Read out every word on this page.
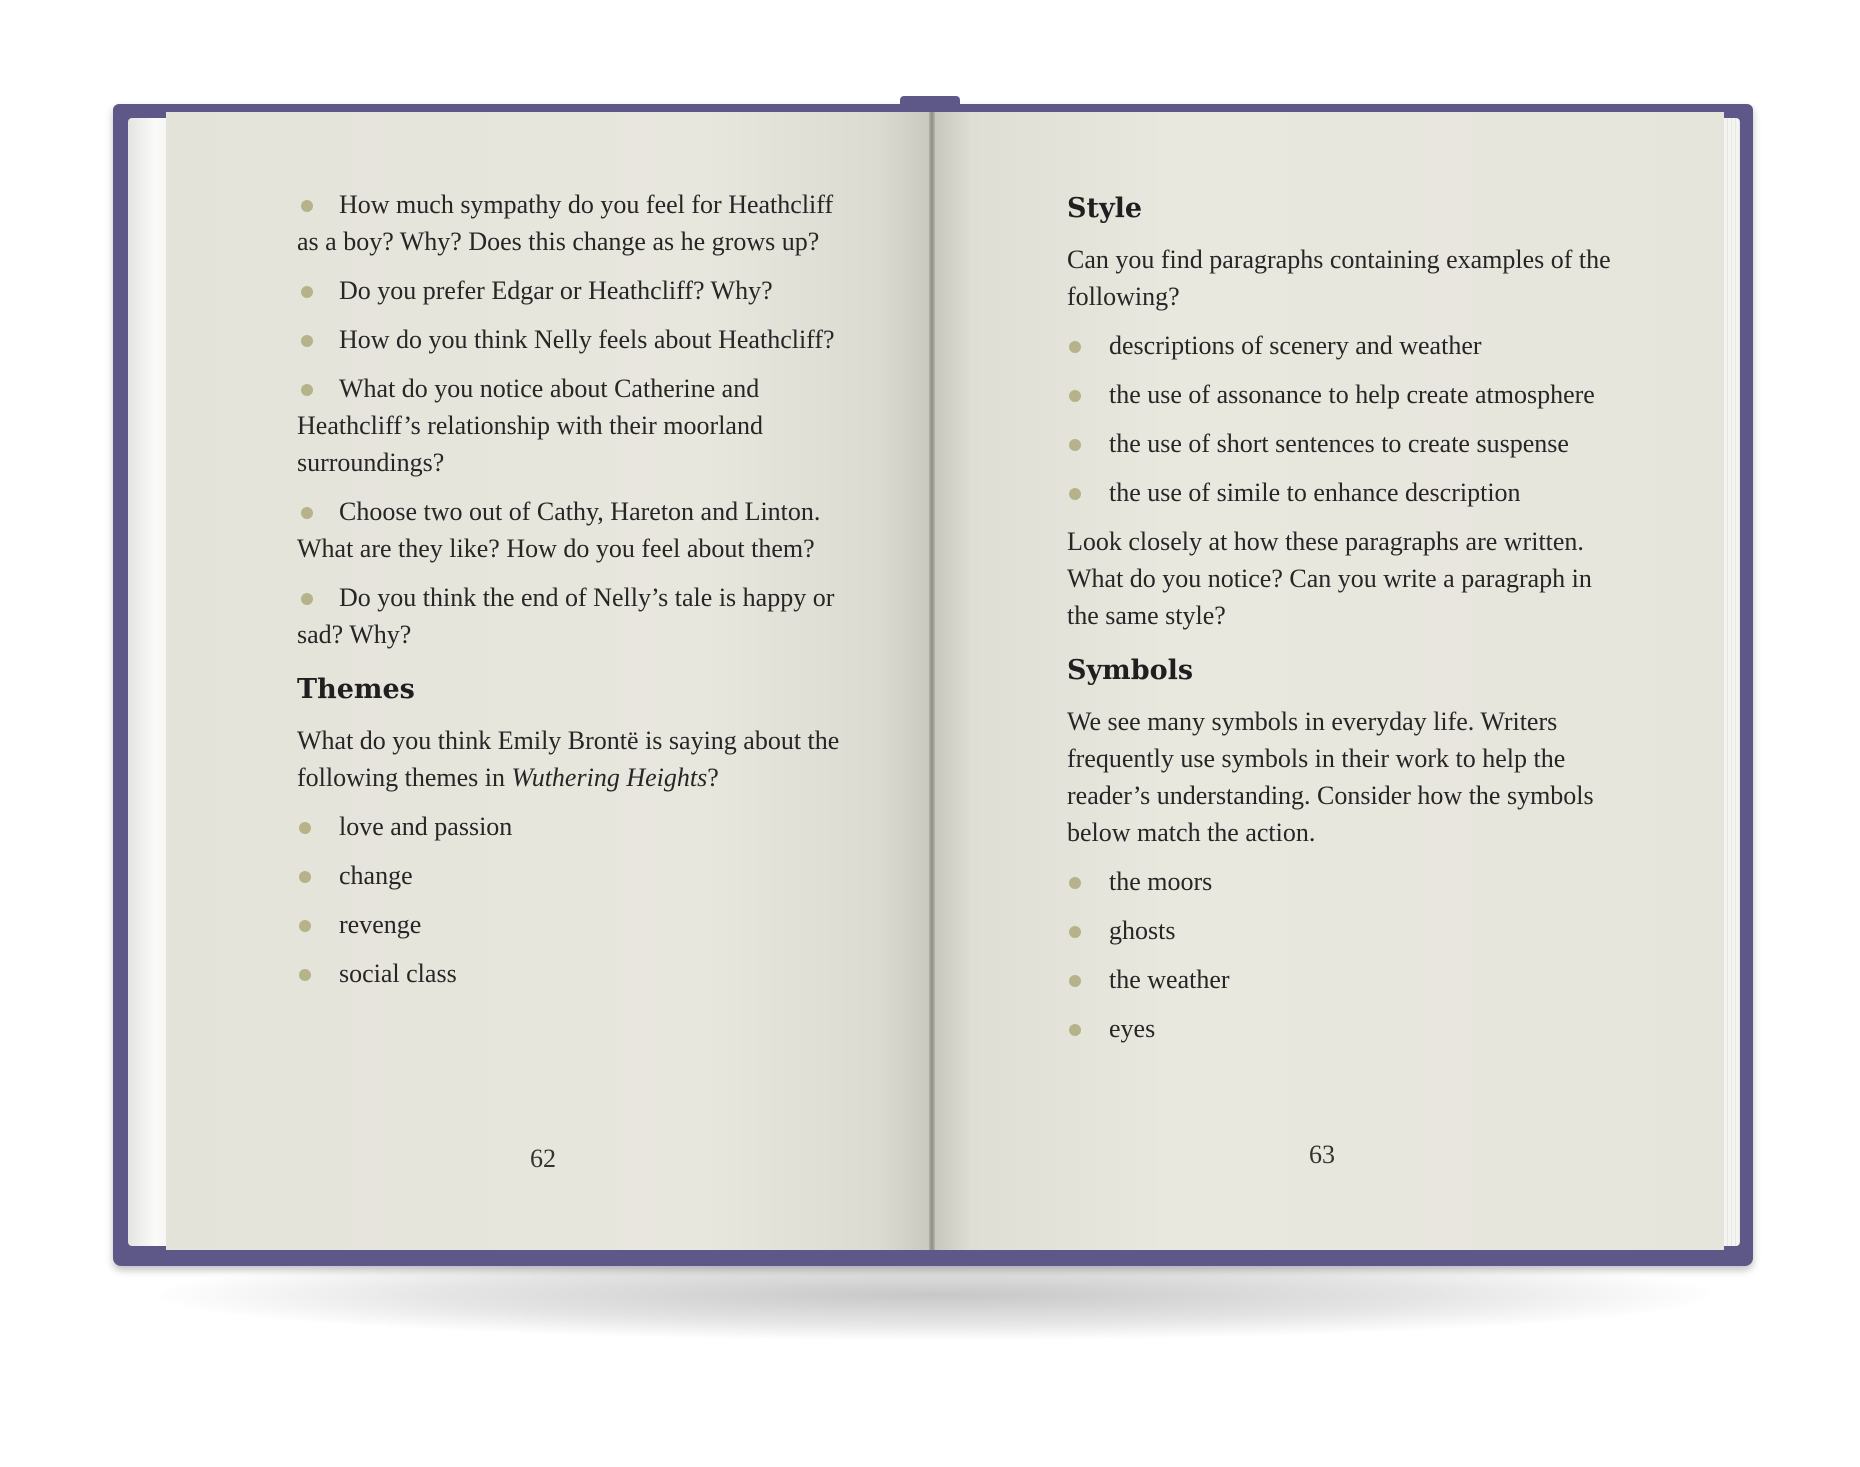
How much sympathy do you feel for Heathcliff as a boy? Why? Does this change as he grows up?
Do you prefer Edgar or Heathcliff? Why?
How do you think Nelly feels about Heathcliff?
What do you notice about Catherine and Heathcliff’s relationship with their moorland surroundings?
Choose two out of Cathy, Hareton and Linton. What are they like? How do you feel about them?
Do you think the end of Nelly’s tale is happy or sad? Why?
Themes
What do you think Emily Brontë is saying about the following themes in Wuthering Heights?
love and passion
change
revenge
social class
62
Style
Can you find paragraphs containing examples of the following?
descriptions of scenery and weather
the use of assonance to help create atmosphere
the use of short sentences to create suspense
the use of simile to enhance description
Look closely at how these paragraphs are written. What do you notice? Can you write a paragraph in the same style?
Symbols
We see many symbols in everyday life. Writers frequently use symbols in their work to help the reader’s understanding. Consider how the symbols below match the action.
the moors
ghosts
the weather
eyes
63
